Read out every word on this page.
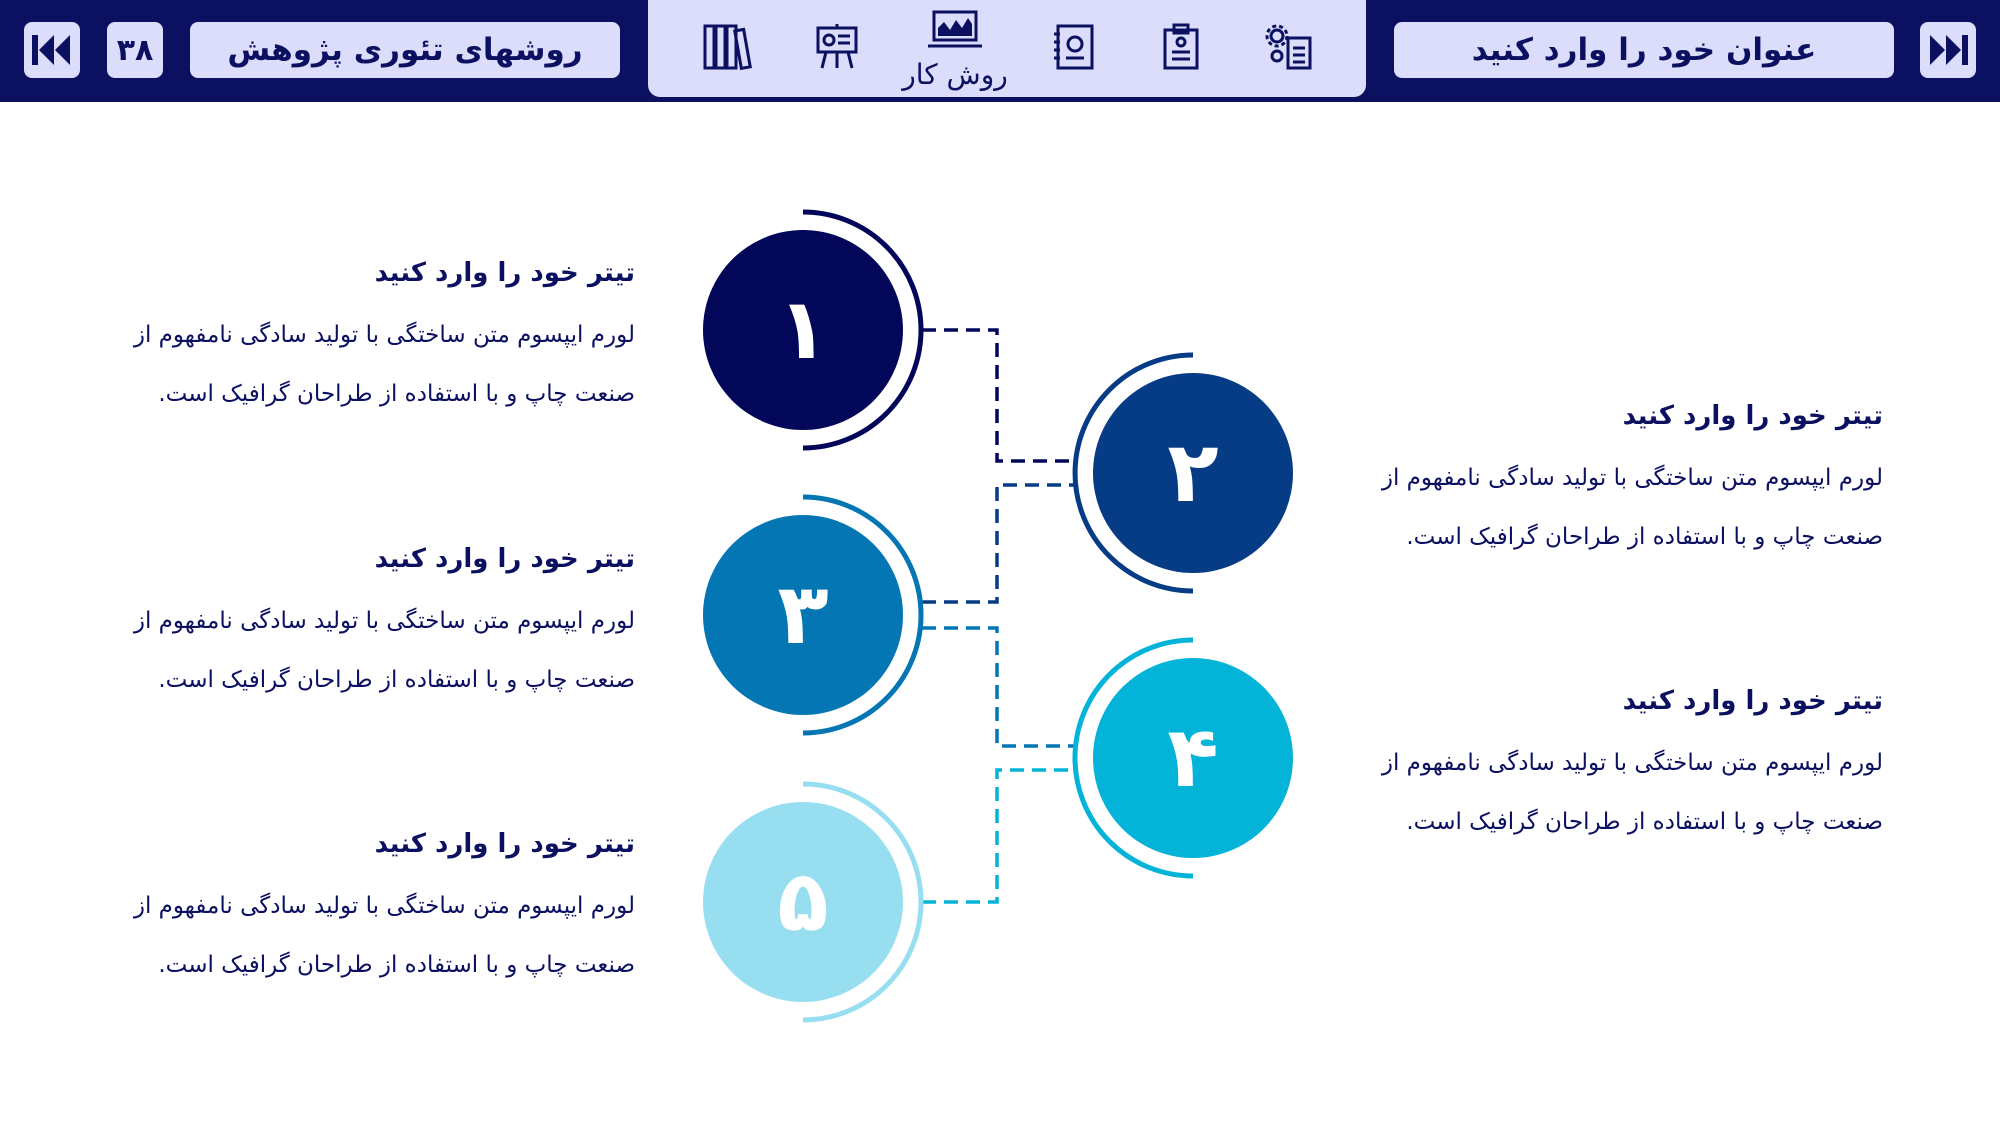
۳۸	روشهای تئوری پژوهش
روش کار
عنوان خود را وارد کنید
۱
۲
۳
۴
۵
تیتر خود را وارد کنید
لورم ایپسوم متن ساختگی با تولید سادگی نامفهوم از صنعت چاپ و با استفاده از طراحان گرافیک است.
تیتر خود را وارد کنید
لورم ایپسوم متن ساختگی با تولید سادگی نامفهوم از صنعت چاپ و با استفاده از طراحان گرافیک است.
تیتر خود را وارد کنید
لورم ایپسوم متن ساختگی با تولید سادگی نامفهوم از صنعت چاپ و با استفاده از طراحان گرافیک است.
تیتر خود را وارد کنید
لورم ایپسوم متن ساختگی با تولید سادگی نامفهوم از صنعت چاپ و با استفاده از طراحان گرافیک است.
تیتر خود را وارد کنید
لورم ایپسوم متن ساختگی با تولید سادگی نامفهوم از صنعت چاپ و با استفاده از طراحان گرافیک است.
